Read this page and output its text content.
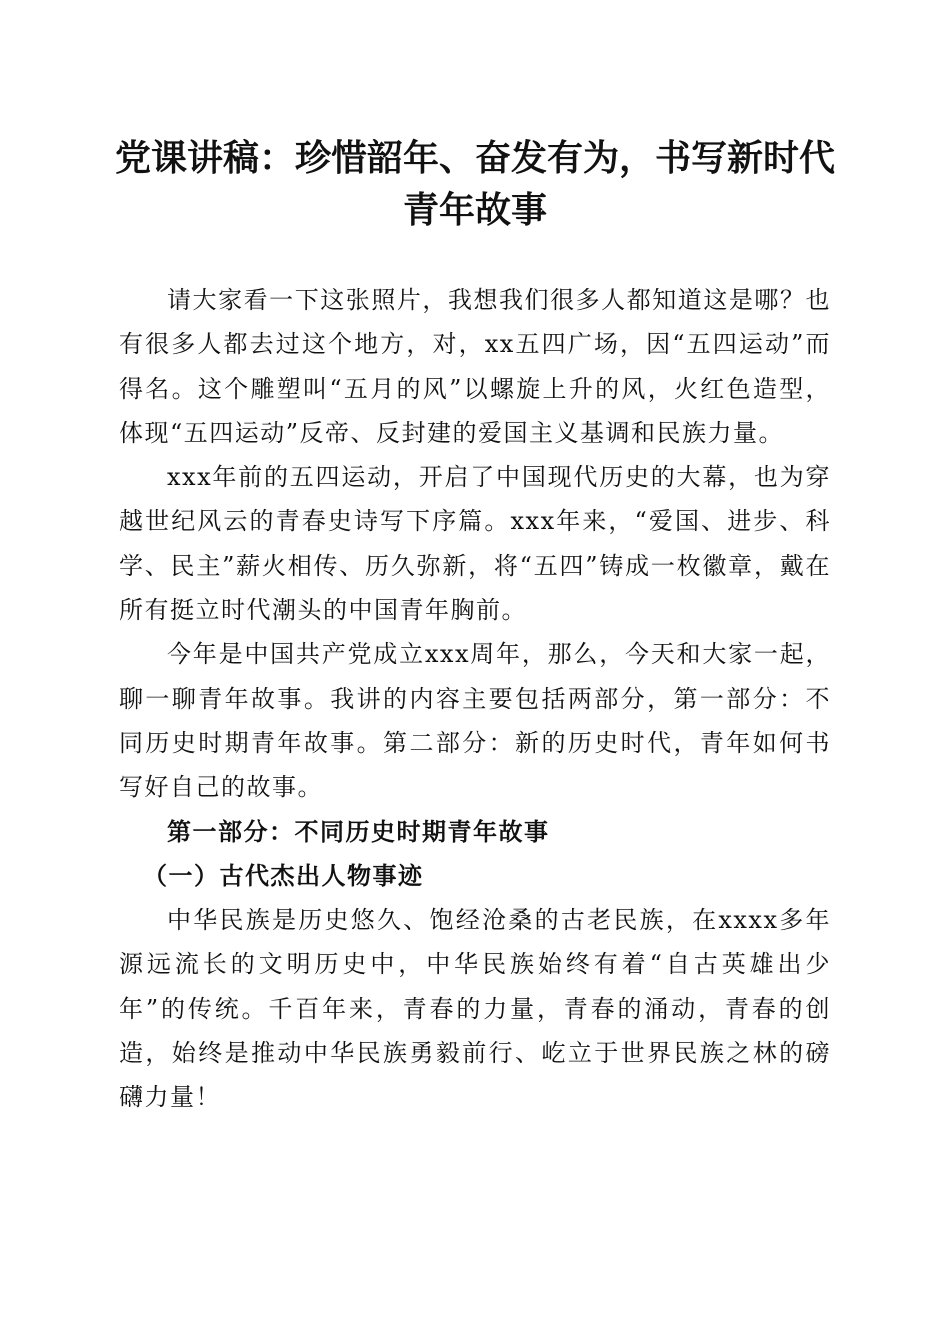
党课讲稿：珍惜韶年、奋发有为，书写新时代青年故事

请大家看一下这张照片，我想我们很多人都知道这是哪？也有很多人都去过这个地方，对，xx五四广场，因“五四运动”而得名。这个雕塑叫“五月的风”以螺旋上升的风，火红色造型，体现“五四运动”反帝、反封建的爱国主义基调和民族力量。

xxx年前的五四运动，开启了中国现代历史的大幕，也为穿越世纪风云的青春史诗写下序篇。xxx年来，“爱国、进步、科学、民主”薪火相传、历久弥新，将“五四”铸成一枚徽章，戴在所有挺立时代潮头的中国青年胸前。

今年是中国共产党成立xxx周年，那么，今天和大家一起，聊一聊青年故事。我讲的内容主要包括两部分，第一部分：不同历史时期青年故事。第二部分：新的历史时代，青年如何书写好自己的故事。

第一部分：不同历史时期青年故事

（一）古代杰出人物事迹

中华民族是历史悠久、饱经沧桑的古老民族，在xxxx多年源远流长的文明历史中，中华民族始终有着“自古英雄出少年”的传统。千百年来，青春的力量，青春的涌动，青春的创造，始终是推动中华民族勇毅前行、屹立于世界民族之林的磅礴力量！
